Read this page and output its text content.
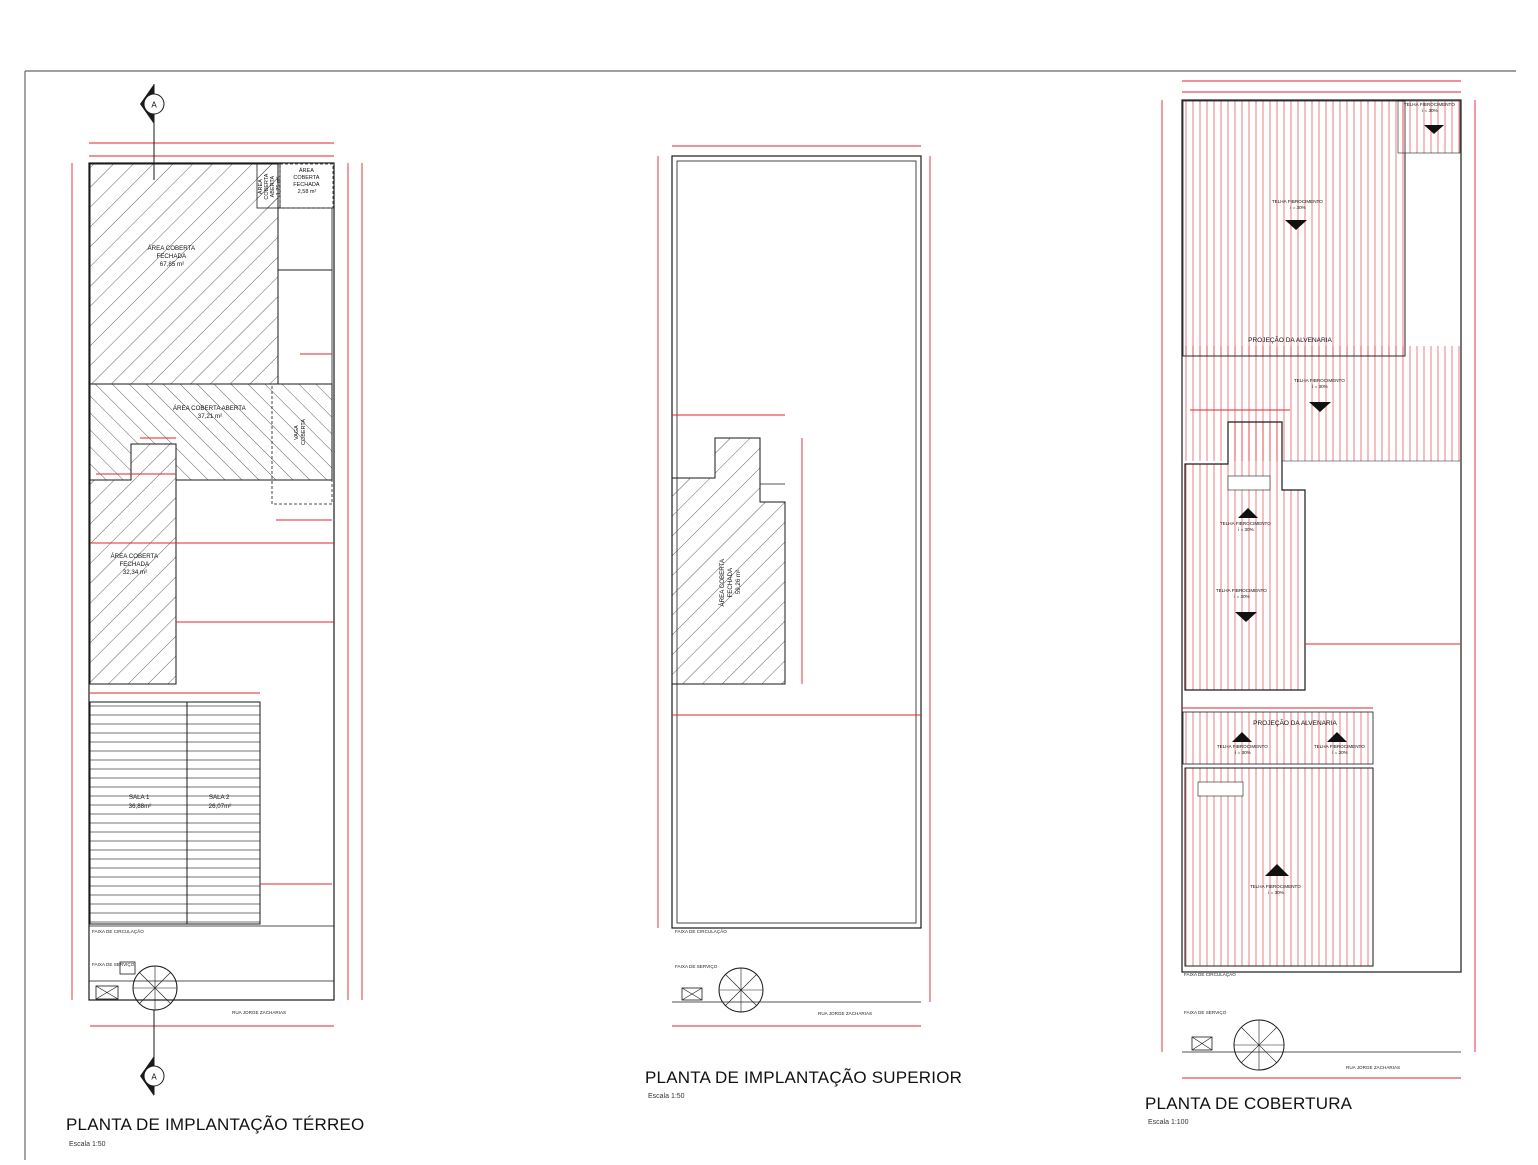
A
A
ÁREA COBERTA FECHADA 67,85 m²
ÁREA COBERTA ABERTA 37,21 m²
ÁREA COBERTA FECHADA 32,34 m²
ÁREA COBERTA FECHADA 2,58 m²
ÁREA COBERTA ABERTA 1,75 m²
VAGA COBERTA
SALA 1 36,88m²
SALA 2 26,07m²
FAIXA DE CIRCULAÇÃO
FAIXA DE SERVIÇO
RUA JORGE ZACHARIAS
ÁREA COBERTA FECHADA 59,26 m²
FAIXA DE CIRCULAÇÃO
FAIXA DE SERVIÇO
RUA JORGE ZACHARIAS
TELHA FIBROCIMENTO i = 30%
TELHA FIBROCIMENTO i = 30%
TELHA FIBROCIMENTO i = 30%
TELHA FIBROCIMENTO i = 30%
TELHA FIBROCIMENTO i = 30%
TELHA FIBROCIMENTO i = 30%
TELHA FIBROCIMENTO i = 30%
TELHA FIBROCIMENTO i = 30%
PROJEÇÃO DA ALVENARIA
PROJEÇÃO DA ALVENARIA
FAIXA DE CIRCULAÇÃO
FAIXA DE SERVIÇO
RUA JORGE ZACHARIAS
PLANTA DE IMPLANTAÇÃO TÉRREO
Escala 1:50
PLANTA DE IMPLANTAÇÃO SUPERIOR
Escala 1:50	PLANTA DE COBERTURA
Escala 1:100
